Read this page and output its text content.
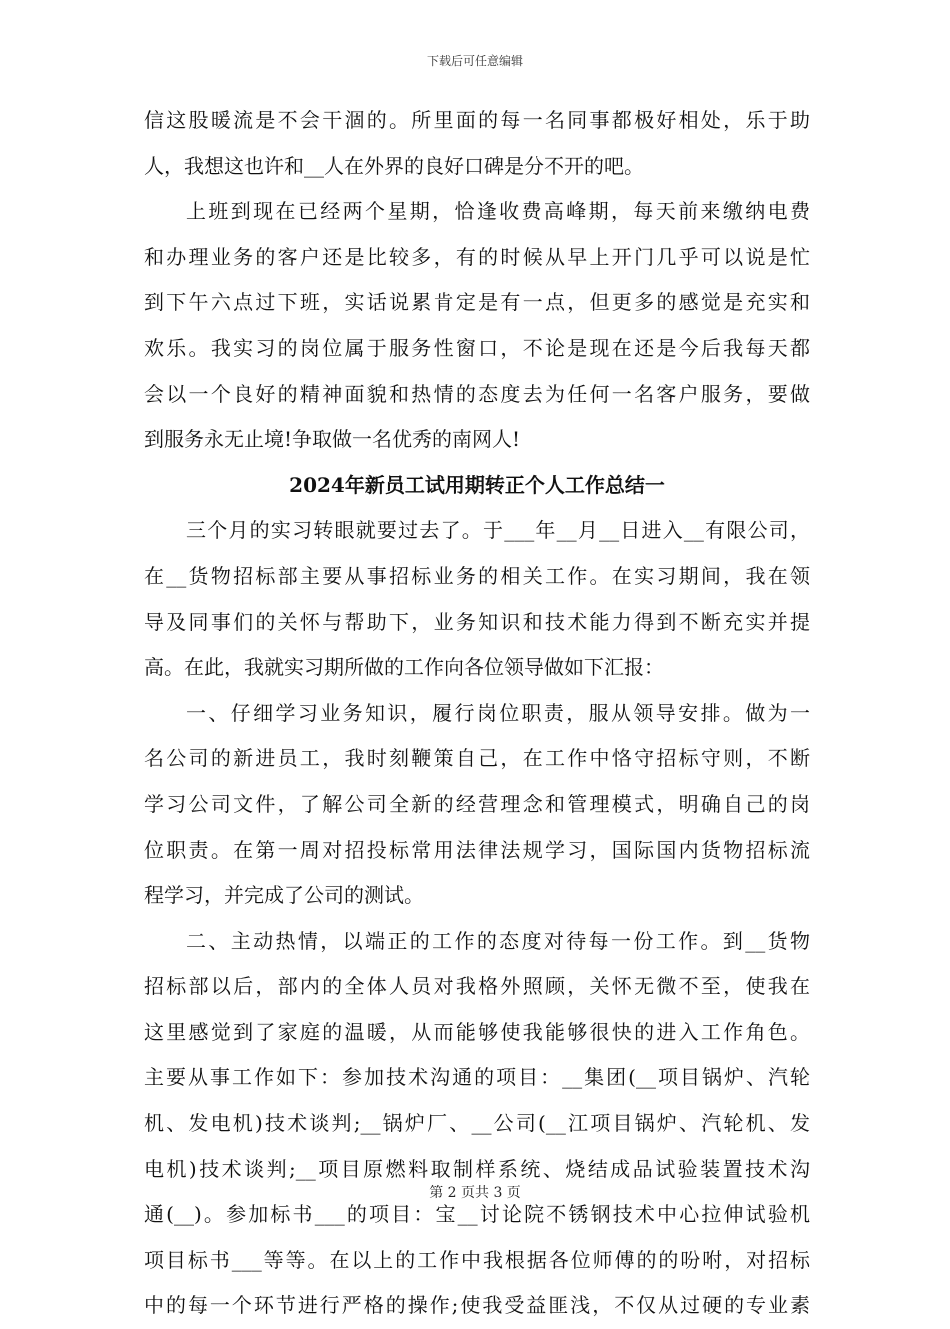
下载后可任意编辑
信这股暖流是不会干涸的。所里面的每一名同事都极好相处，乐于助
人，我想这也许和__人在外界的良好口碑是分不开的吧。
上班到现在已经两个星期，恰逢收费高峰期，每天前来缴纳电费
和办理业务的客户还是比较多，有的时候从早上开门几乎可以说是忙
到下午六点过下班，实话说累肯定是有一点，但更多的感觉是充实和
欢乐。我实习的岗位属于服务性窗口，不论是现在还是今后我每天都
会以一个良好的精神面貌和热情的态度去为任何一名客户服务，要做
到服务永无止境!争取做一名优秀的南网人!
2024年新员工试用期转正个人工作总结一
三个月的实习转眼就要过去了。于___年__月__日进入__有限公司，
在__货物招标部主要从事招标业务的相关工作。在实习期间，我在领
导及同事们的关怀与帮助下，业务知识和技术能力得到不断充实并提
高。在此，我就实习期所做的工作向各位领导做如下汇报：
一、仔细学习业务知识，履行岗位职责，服从领导安排。做为一
名公司的新进员工，我时刻鞭策自己，在工作中恪守招标守则，不断
学习公司文件，了解公司全新的经营理念和管理模式，明确自己的岗
位职责。在第一周对招投标常用法律法规学习，国际国内货物招标流
程学习，并完成了公司的测试。
二、主动热情，以端正的工作的态度对待每一份工作。到__货物
招标部以后，部内的全体人员对我格外照顾，关怀无微不至，使我在
这里感觉到了家庭的温暖，从而能够使我能够很快的进入工作角色。
主要从事工作如下：参加技术沟通的项目：__集团(__项目锅炉、汽轮
机、发电机)技术谈判;__锅炉厂、__公司(__江项目锅炉、汽轮机、发
电机)技术谈判;__项目原燃料取制样系统、烧结成品试验装置技术沟
通(__)。参加标书___的项目：宝__讨论院不锈钢技术中心拉伸试验机
项目标书___等等。在以上的工作中我根据各位师傅的的吩咐，对招标
中的每一个环节进行严格的操作;使我受益匪浅，不仅从过硬的专业素
第 2 页共 3 页
